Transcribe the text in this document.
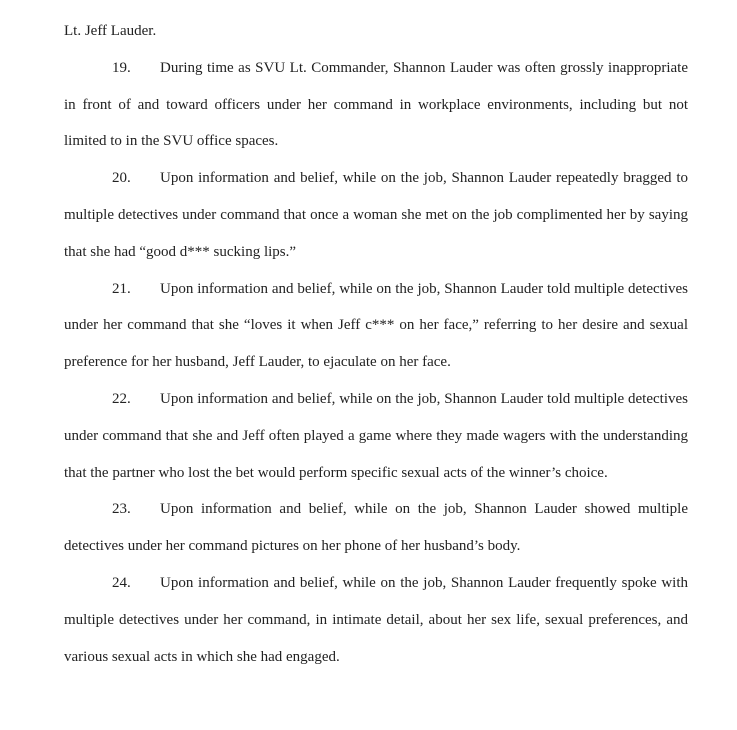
Lt. Jeff Lauder.

19. During time as SVU Lt. Commander, Shannon Lauder was often grossly inappropriate in front of and toward officers under her command in workplace environments, including but not limited to in the SVU office spaces.

20. Upon information and belief, while on the job, Shannon Lauder repeatedly bragged to multiple detectives under command that once a woman she met on the job complimented her by saying that she had “good d*** sucking lips.”

21. Upon information and belief, while on the job, Shannon Lauder told multiple detectives under her command that she “loves it when Jeff c*** on her face,” referring to her desire and sexual preference for her husband, Jeff Lauder, to ejaculate on her face.

22. Upon information and belief, while on the job, Shannon Lauder told multiple detectives under command that she and Jeff often played a game where they made wagers with the understanding that the partner who lost the bet would perform specific sexual acts of the winner’s choice.

23. Upon information and belief, while on the job, Shannon Lauder showed multiple detectives under her command pictures on her phone of her husband’s body.

24. Upon information and belief, while on the job, Shannon Lauder frequently spoke with multiple detectives under her command, in intimate detail, about her sex life, sexual preferences, and various sexual acts in which she had engaged.
